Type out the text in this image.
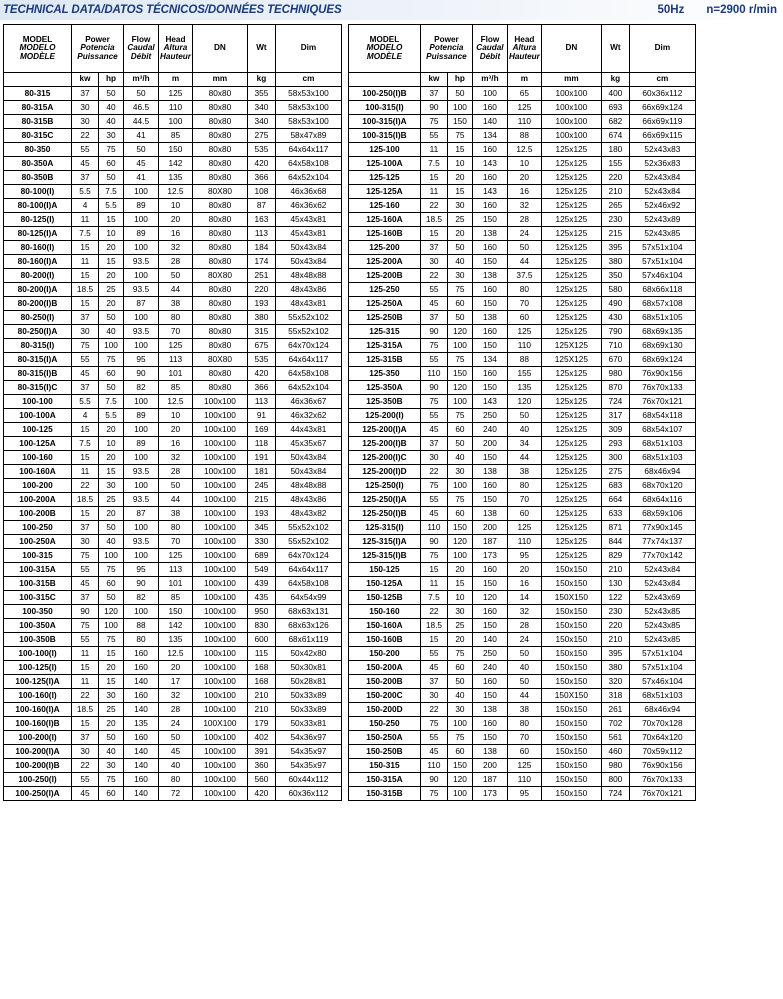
TECHNICAL DATA/DATOS TÉCNICOS/DONNÉES TECHNIQUES	50Hz n=2900 r/min
MODEL
MODELO
MODÈLE	Power
Potencia
Puissance		Flow
Caudal
Débit	Head
Altura
Hauteur	DN	Wt	Dim
	kw	hp	m³/h	m	mm	kg	cm
80-315	37	50	50	125	80x80	355	58x53x100
80-315A	30	40	46.5	110	80x80	340	58x53x100
80-315B	30	40	44.5	100	80x80	340	58x53x100
80-315C	22	30	41	85	80x80	275	58x47x89
80-350	55	75	50	150	80x80	535	64x64x117
80-350A	45	60	45	142	80x80	420	64x58x108
80-350B	37	50	41	135	80x80	366	64x52x104
80-100(I)	5.5	7.5	100	12.5	80X80	108	46x36x68
80-100(I)A	4	5.5	89	10	80x80	87	46x36x62
80-125(I)	11	15	100	20	80x80	163	45x43x81
80-125(I)A	7.5	10	89	16	80x80	113	45x43x81
80-160(I)	15	20	100	32	80x80	184	50x43x84
80-160(I)A	11	15	93.5	28	80x80	174	50x43x84
80-200(I)	15	20	100	50	80X80	251	48x48x88
80-200(I)A	18.5	25	93.5	44	80x80	220	48x43x86
80-200(I)B	15	20	87	38	80x80	193	48x43x81
80-250(I)	37	50	100	80	80x80	380	55x52x102
80-250(I)A	30	40	93.5	70	80x80	315	55x52x102
80-315(I)	75	100	100	125	80x80	675	64x70x124
80-315(I)A	55	75	95	113	80X80	535	64x64x117
80-315(I)B	45	60	90	101	80x80	420	64x58x108
80-315(I)C	37	50	82	85	80x80	366	64x52x104
100-100	5.5	7.5	100	12.5	100x100	113	46x36x67
100-100A	4	5.5	89	10	100x100	91	46x32x62
100-125	15	20	100	20	100x100	169	44x43x81
100-125A	7.5	10	89	16	100x100	118	45x35x67
100-160	15	20	100	32	100x100	191	50x43x84
100-160A	11	15	93.5	28	100x100	181	50x43x84
100-200	22	30	100	50	100x100	245	48x48x88
100-200A	18.5	25	93.5	44	100x100	215	48x43x86
100-200B	15	20	87	38	100x100	193	48x43x82
100-250	37	50	100	80	100x100	345	55x52x102
100-250A	30	40	93.5	70	100x100	330	55x52x102
100-315	75	100	100	125	100x100	689	64x70x124
100-315A	55	75	95	113	100x100	549	64x64x117
100-315B	45	60	90	101	100x100	439	64x58x108
100-315C	37	50	82	85	100x100	435	64x54x99
100-350	90	120	100	150	100x100	950	68x63x131
100-350A	75	100	88	142	100x100	830	68x63x126
100-350B	55	75	80	135	100x100	600	68x61x119
100-100(I)	11	15	160	12.5	100x100	115	50x42x80
100-125(I)	15	20	160	20	100x100	168	50x30x81
100-125(I)A	11	15	140	17	100x100	168	50x28x81
100-160(I)	22	30	160	32	100x100	210	50x33x89
100-160(I)A	18.5	25	140	28	100x100	210	50x33x89
100-160(I)B	15	20	135	24	100X100	179	50x33x81
100-200(I)	37	50	160	50	100x100	402	54x36x97
100-200(I)A	30	40	140	45	100x100	391	54x35x97
100-200(I)B	22	30	140	40	100x100	360	54x35x97
100-250(I)	55	75	160	80	100x100	560	60x44x112
100-250(I)A	45	60	140	72	100x100	420	60x36x112
MODEL
MODELO
MODÈLE	Power
Potencia
Puissance		Flow
Caudal
Débit	Head
Altura
Hauteur	DN	Wt	Dim
	kw	hp	m³/h	m	mm	kg	cm
100-250(I)B	37	50	100	65	100x100	400	60x36x112
100-315(I)	90	100	160	125	100x100	693	66x69x124
100-315(I)A	75	150	140	110	100x100	682	66x69x119
100-315(I)B	55	75	134	88	100x100	674	66x69x115
125-100	11	15	160	12.5	125x125	180	52x43x83
125-100A	7.5	10	143	10	125x125	155	52x36x83
125-125	15	20	160	20	125x125	220	52x43x84
125-125A	11	15	143	16	125x125	210	52x43x84
125-160	22	30	160	32	125x125	265	52x46x92
125-160A	18.5	25	150	28	125x125	230	52x43x89
125-160B	15	20	138	24	125x125	215	52x43x85
125-200	37	50	160	50	125x125	395	57x51x104
125-200A	30	40	150	44	125x125	380	57x51x104
125-200B	22	30	138	37.5	125x125	350	57x46x104
125-250	55	75	160	80	125x125	580	68x66x118
125-250A	45	60	150	70	125x125	490	68x57x108
125-250B	37	50	138	60	125x125	430	68x51x105
125-315	90	120	160	125	125x125	790	68x69x135
125-315A	75	100	150	110	125X125	710	68x69x130
125-315B	55	75	134	88	125X125	670	68x69x124
125-350	110	150	160	155	125x125	980	76x90x156
125-350A	90	120	150	135	125x125	870	76x70x133
125-350B	75	100	143	120	125x125	724	76x70x121
125-200(I)	55	75	250	50	125x125	317	68x54x118
125-200(I)A	45	60	240	40	125x125	309	68x54x107
125-200(I)B	37	50	200	34	125x125	293	68x51x103
125-200(I)C	30	40	150	44	125x125	300	68x51x103
125-200(I)D	22	30	138	38	125x125	275	68x46x94
125-250(I)	75	100	160	80	125x125	683	68x70x120
125-250(I)A	55	75	150	70	125x125	664	68x64x116
125-250(I)B	45	60	138	60	125x125	633	68x59x106
125-315(I)	110	150	200	125	125x125	871	77x90x145
125-315(I)A	90	120	187	110	125x125	844	77x74x137
125-315(I)B	75	100	173	95	125x125	829	77x70x142
150-125	15	20	160	20	150x150	210	52x43x84
150-125A	11	15	150	16	150x150	130	52x43x84
150-125B	7.5	10	120	14	150X150	122	52x43x69
150-160	22	30	160	32	150x150	230	52x43x85
150-160A	18.5	25	150	28	150x150	220	52x43x85
150-160B	15	20	140	24	150x150	210	52x43x85
150-200	55	75	250	50	150x150	395	57x51x104
150-200A	45	60	240	40	150x150	380	57x51x104
150-200B	37	50	160	50	150x150	320	57x46x104
150-200C	30	40	150	44	150X150	318	68x51x103
150-200D	22	30	138	38	150x150	261	68x46x94
150-250	75	100	160	80	150x150	702	70x70x128
150-250A	55	75	150	70	150x150	561	70x64x120
150-250B	45	60	138	60	150x150	460	70x59x112
150-315	110	150	200	125	150x150	980	76x90x156
150-315A	90	120	187	110	150x150	800	76x70x133
150-315B	75	100	173	95	150x150	724	76x70x121
